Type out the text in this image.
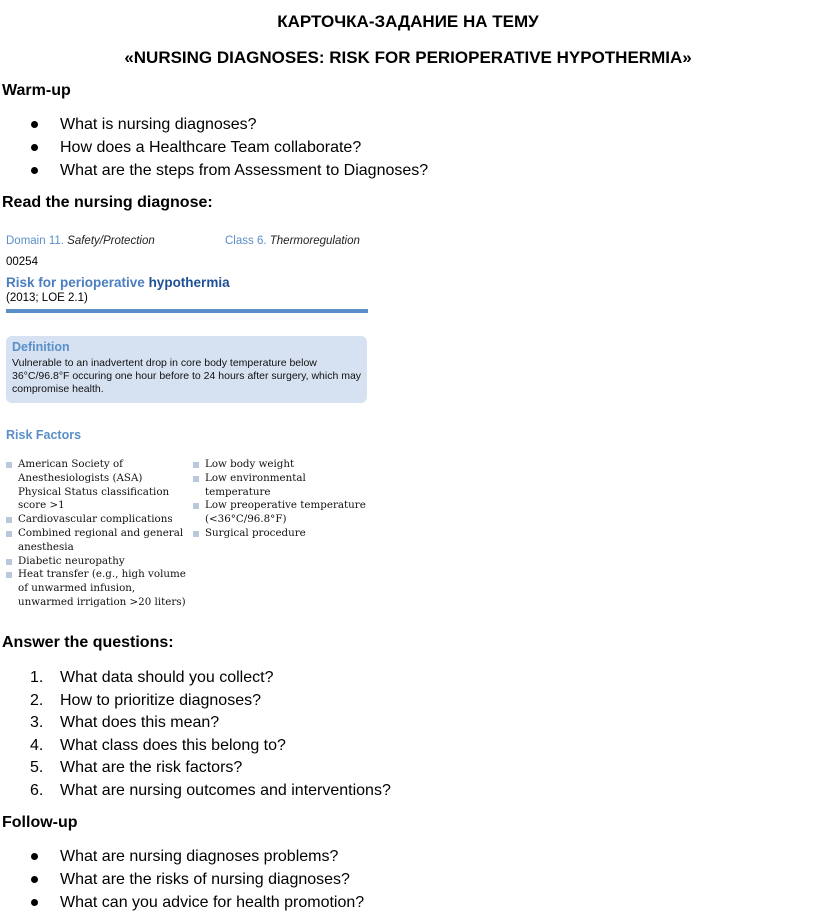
КАРТОЧКА-ЗАДАНИЕ НА ТЕМУ
«NURSING DIAGNOSES: RISK FOR PERIOPERATIVE HYPOTHERMIA»
Warm-up
What is nursing diagnoses?
How does a Healthcare Team collaborate?
What are the steps from Assessment to Diagnoses?
Read the nursing diagnose:
Domain 11. Safety/Protection	Class 6. Thermoregulation
00254
Risk for perioperative hypothermia
(2013; LOE 2.1)
Definition
Vulnerable to an inadvertent drop in core body temperature below 36°C/96.8°F occuring one hour before to 24 hours after surgery, which may compromise health.
Risk Factors
American Society of Anesthesiologists (ASA) Physical Status classification score >1
Cardiovascular complications
Combined regional and general anesthesia
Diabetic neuropathy
Heat transfer (e.g., high volume of unwarmed infusion, unwarmed irrigation >20 liters)
Low body weight
Low environmental temperature
Low preoperative temperature (<36°C/96.8°F)
Surgical procedure
Answer the questions:
1. What data should you collect?
2. How to prioritize diagnoses?
3. What does this mean?
4. What class does this belong to?
5. What are the risk factors?
6. What are nursing outcomes and interventions?
Follow-up
What are nursing diagnoses problems?
What are the risks of nursing diagnoses?
What can you advice for health promotion?
